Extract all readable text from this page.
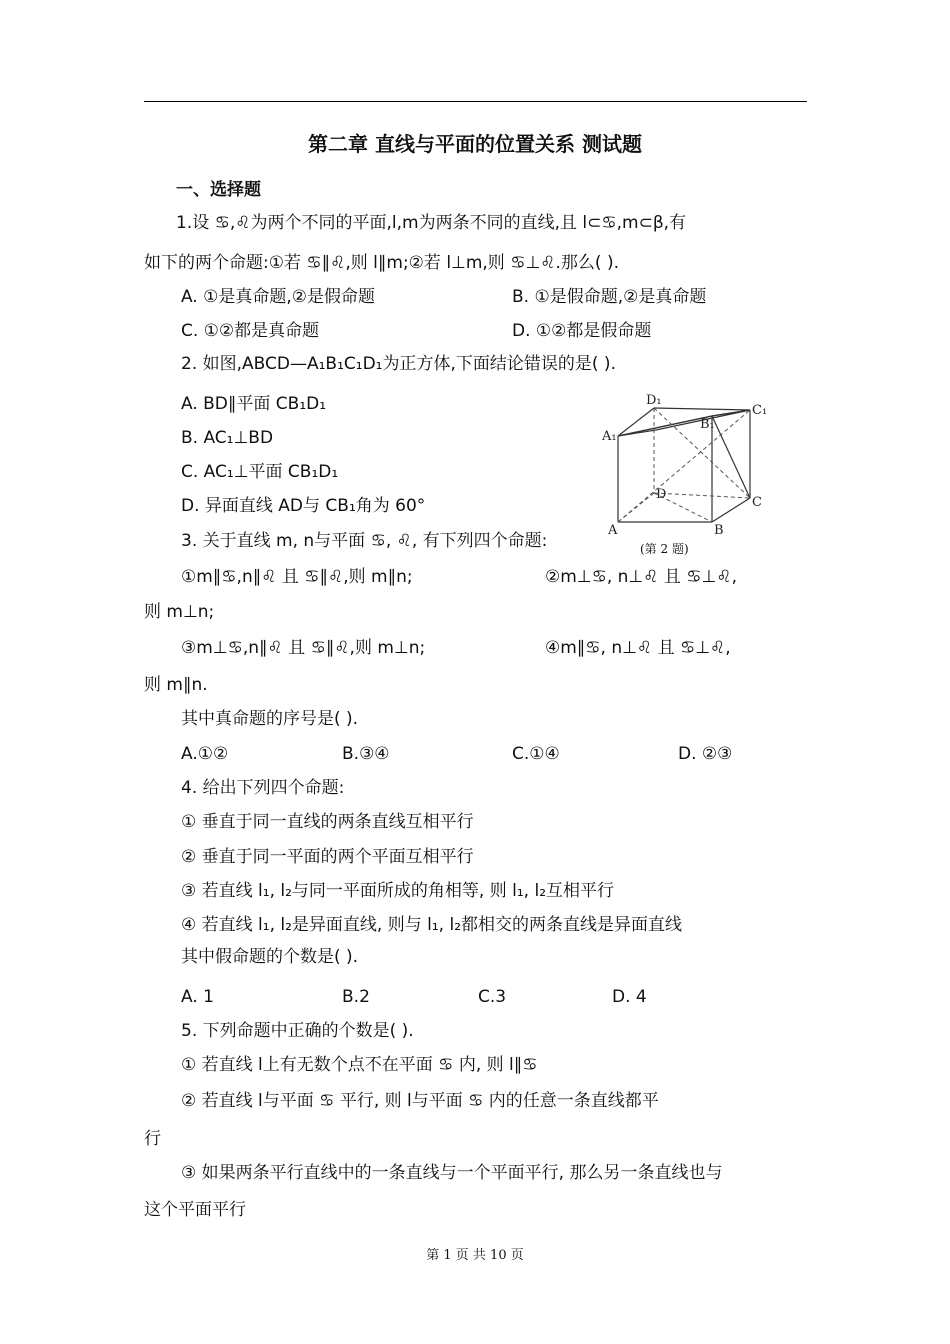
第二章 直线与平面的位置关系 测试题
一、选择题
1.设 ♋,♌为两个不同的平面,l,m为两条不同的直线,且 l⊂♋,m⊂β,有
如下的两个命题:①若 ♋∥♌,则 l∥m;②若 l⊥m,则 ♋⊥♌.那么( ).
A. ①是真命题,②是假命题	B. ①是假命题,②是真命题
C. ①②都是真命题	D. ①②都是假命题
2. 如图,ABCD—A₁B₁C₁D₁为正方体,下面结论错误的是( ).
A. BD∥平面 CB₁D₁
B. AC₁⊥BD
C. AC₁⊥平面 CB₁D₁
D. 异面直线 AD与 CB₁角为 60°
D₁
C₁
B₁
A₁
D
C
A	B
(第 2 题)
3. 关于直线 m, n与平面 ♋, ♌, 有下列四个命题:
①m∥♋,n∥♌ 且 ♋∥♌,则 m∥n;	②m⊥♋, n⊥♌ 且 ♋⊥♌,
则 m⊥n;
③m⊥♋,n∥♌ 且 ♋∥♌,则 m⊥n;	④m∥♋, n⊥♌ 且 ♋⊥♌,
则 m∥n.
其中真命题的序号是( ).
A.①②	B.③④	C.①④	D. ②③
4. 给出下列四个命题:
① 垂直于同一直线的两条直线互相平行
② 垂直于同一平面的两个平面互相平行
③ 若直线 l₁, l₂与同一平面所成的角相等, 则 l₁, l₂互相平行
④ 若直线 l₁, l₂是异面直线, 则与 l₁, l₂都相交的两条直线是异面直线
其中假命题的个数是( ).
A. 1	B.2	C.3	D. 4
5. 下列命题中正确的个数是( ).
① 若直线 l上有无数个点不在平面 ♋ 内, 则 l∥♋
② 若直线 l与平面 ♋ 平行, 则 l与平面 ♋ 内的任意一条直线都平
行
③ 如果两条平行直线中的一条直线与一个平面平行, 那么另一条直线也与
这个平面平行
第 1 页 共 10 页
